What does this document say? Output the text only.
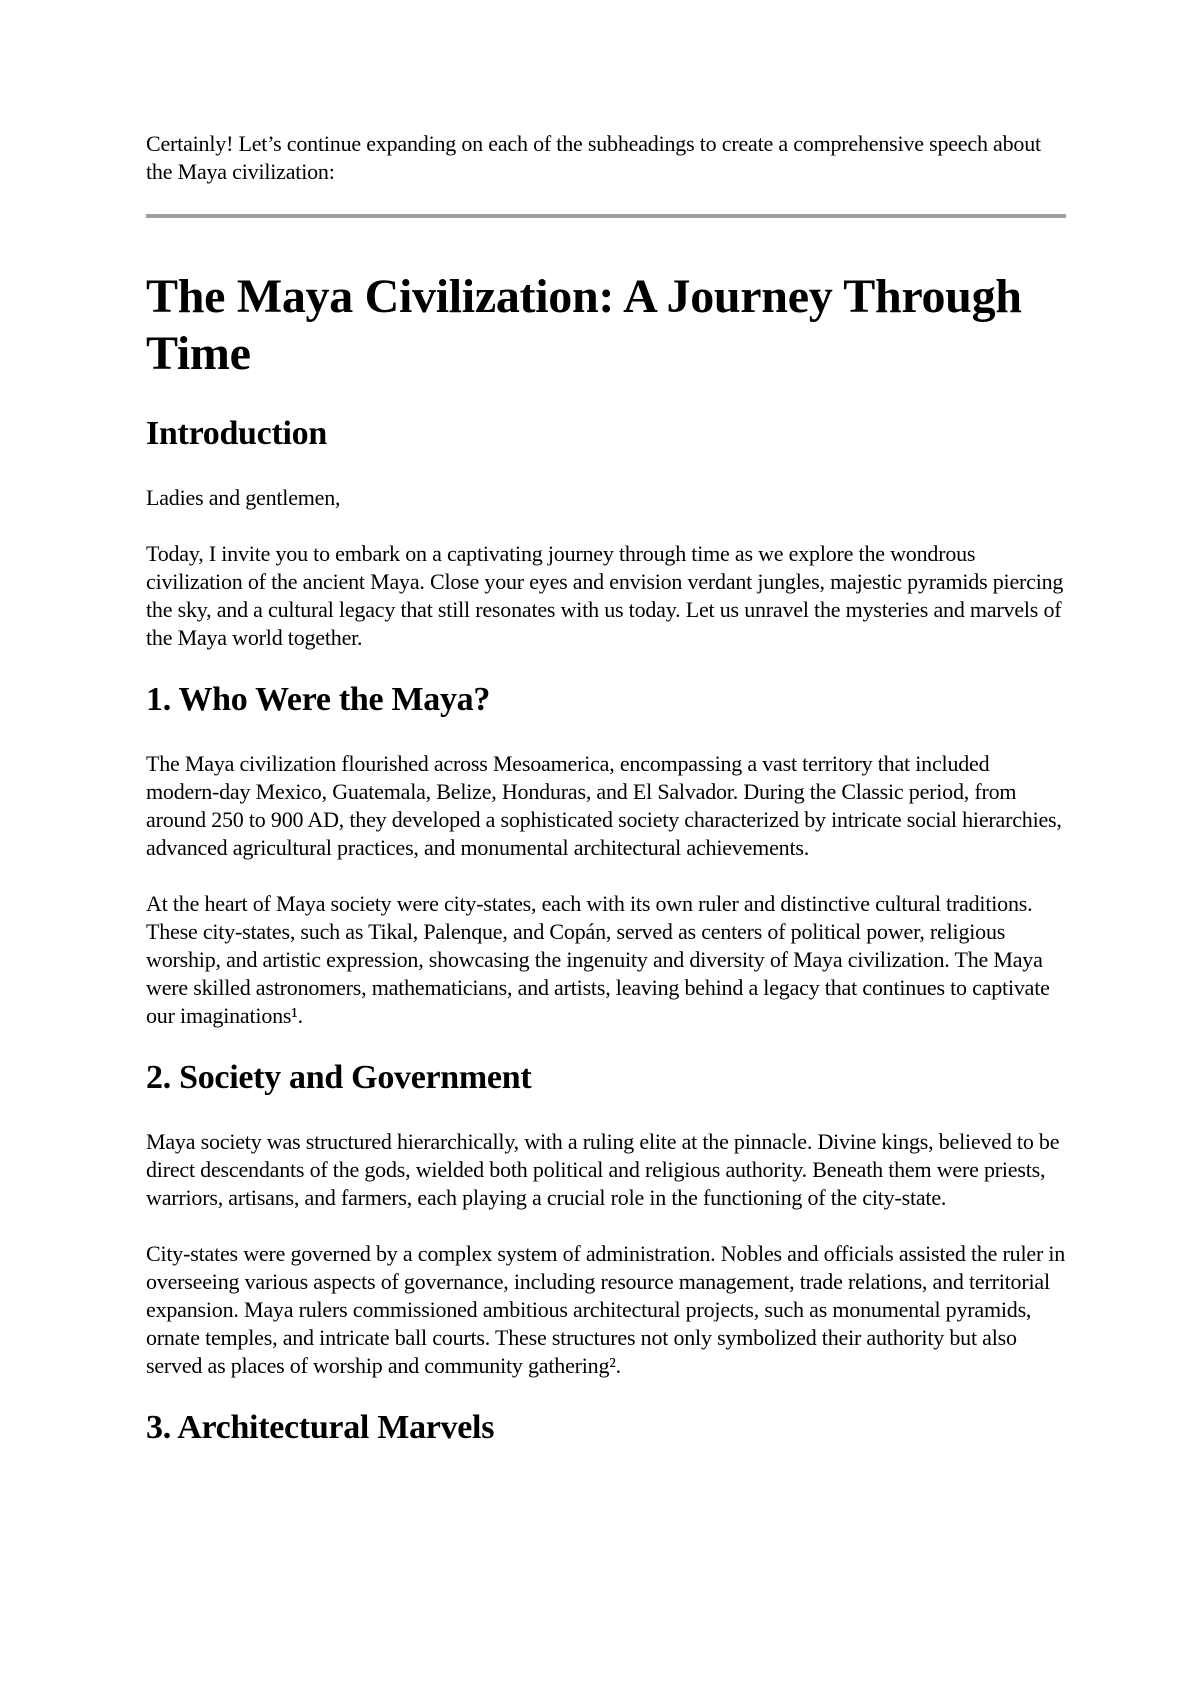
Certainly! Let’s continue expanding on each of the subheadings to create a comprehensive speech about the Maya civilization:

The Maya Civilization: A Journey Through Time
Introduction

Ladies and gentlemen,

Today, I invite you to embark on a captivating journey through time as we explore the wondrous civilization of the ancient Maya. Close your eyes and envision verdant jungles, majestic pyramids piercing the sky, and a cultural legacy that still resonates with us today. Let us unravel the mysteries and marvels of the Maya world together.

1. Who Were the Maya?

The Maya civilization flourished across Mesoamerica, encompassing a vast territory that included modern-day Mexico, Guatemala, Belize, Honduras, and El Salvador. During the Classic period, from around 250 to 900 AD, they developed a sophisticated society characterized by intricate social hierarchies, advanced agricultural practices, and monumental architectural achievements.

At the heart of Maya society were city-states, each with its own ruler and distinctive cultural traditions. These city-states, such as Tikal, Palenque, and Copán, served as centers of political power, religious worship, and artistic expression, showcasing the ingenuity and diversity of Maya civilization. The Maya were skilled astronomers, mathematicians, and artists, leaving behind a legacy that continues to captivate our imaginations¹.

2. Society and Government

Maya society was structured hierarchically, with a ruling elite at the pinnacle. Divine kings, believed to be direct descendants of the gods, wielded both political and religious authority. Beneath them were priests, warriors, artisans, and farmers, each playing a crucial role in the functioning of the city-state.

City-states were governed by a complex system of administration. Nobles and officials assisted the ruler in overseeing various aspects of governance, including resource management, trade relations, and territorial expansion. Maya rulers commissioned ambitious architectural projects, such as monumental pyramids, ornate temples, and intricate ball courts. These structures not only symbolized their authority but also served as places of worship and community gathering².

3. Architectural Marvels
